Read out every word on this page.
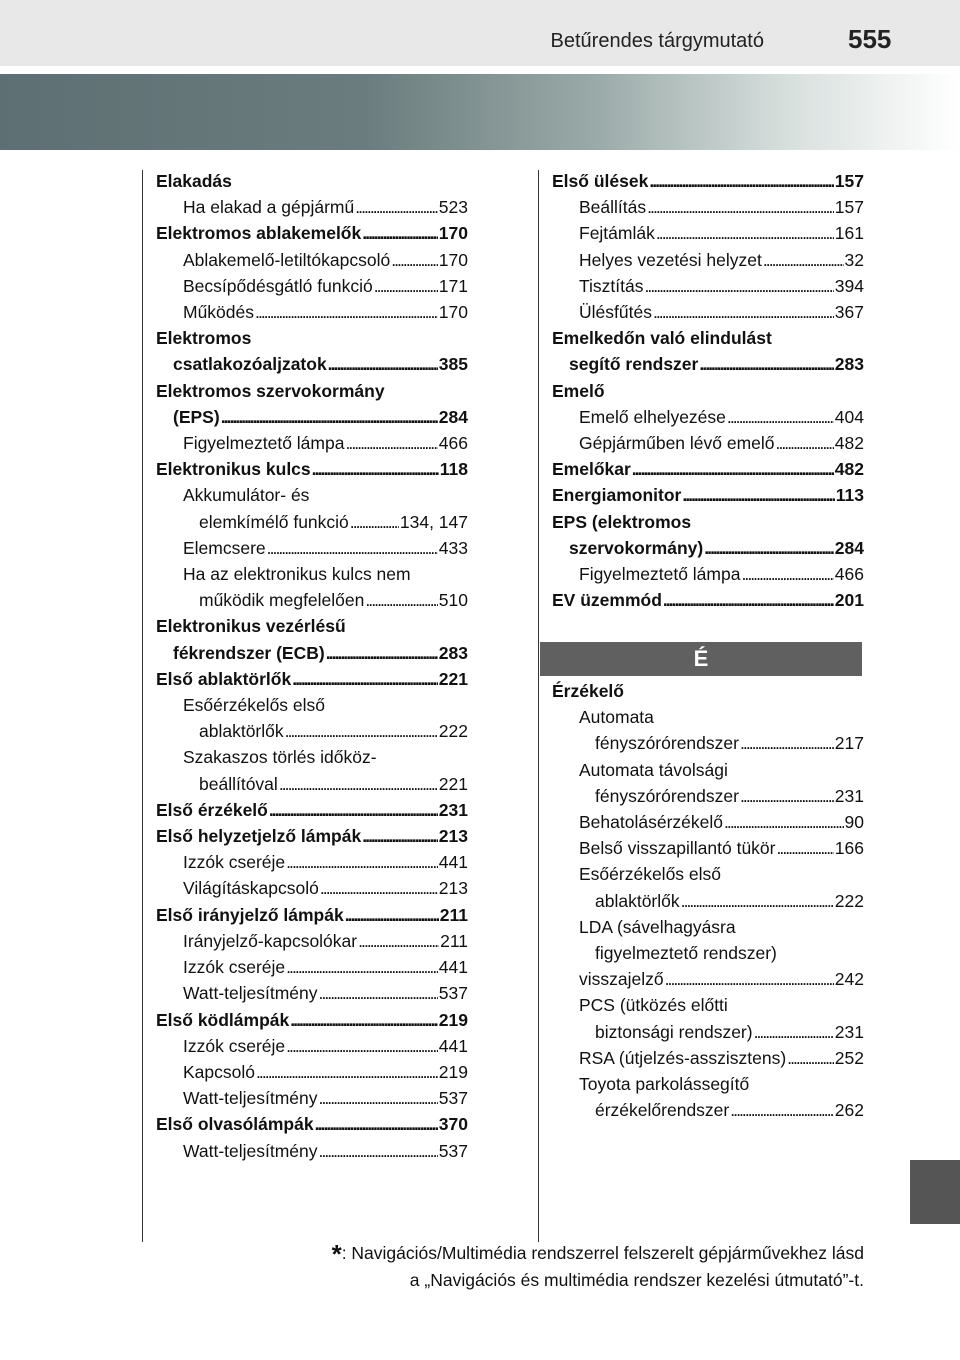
Betűrendes tárgymutató	555
Elakadás
Ha elakad a gépjármű . . .	523
Elektromos ablakemelők . . .	170
Ablakemelő-letiltókapcsoló . . .	170
Becsípődésgátló funkció . . .	171
Működés . . .	170
Elektromos
csatlakozóaljzatok . . .	385
Elektromos szervokormány
(EPS) . . .	284
Figyelmeztető lámpa . . .	466
Elektronikus kulcs . . .	118
Akkumulátor- és
elemkímélő funkció . . .	134, 147
Elemcsere . . .	433
Ha az elektronikus kulcs nem
működik megfelelően . . .	510
Elektronikus vezérlésű
fékrendszer (ECB) . . .	283
Első ablaktörlők . . .	221
Esőérzékelős első
ablaktörlők . . .	222
Szakaszos törlés időköz-
beállítóval . . .	221
Első érzékelő . . .	231
Első helyzetjelző lámpák . . .	213
Izzók cseréje . . .	441
Világításkapcsoló . . .	213
Első irányjelző lámpák . . .	211
Irányjelző-kapcsolókar . . .	211
Izzók cseréje . . .	441
Watt-teljesítmény . . .	537
Első ködlámpák . . .	219
Izzók cseréje . . .	441
Kapcsoló . . .	219
Watt-teljesítmény . . .	537
Első olvasólámpák . . .	370
Watt-teljesítmény . . .	537
Első ülések . . .	157
Beállítás . . .	157
Fejtámlák . . .	161
Helyes vezetési helyzet . . .	32
Tisztítás . . .	394
Ülésfűtés . . .	367
Emelkedőn való elindulást
segítő rendszer . . .	283
Emelő
Emelő elhelyezése . . .	404
Gépjárműben lévő emelő . . .	482
Emelőkar . . .	482
Energiamonitor . . .	113
EPS (elektromos
szervokormány) . . .	284
Figyelmeztető lámpa . . .	466
EV üzemmód . . .	201
É
Érzékelő
Automata
fényszórórendszer . . .	217
Automata távolsági
fényszórórendszer . . .	231
Behatolásérzékelő . . .	90
Belső visszapillantó tükör . . .	166
Esőérzékelős első
ablaktörlők . . .	222
LDA (sávelhagyásra
figyelmeztető rendszer)
visszajelző . . .	242
PCS (ütközés előtti
biztonsági rendszer) . . .	231
RSA (útjelzés-asszisztens) . . .	252
Toyota parkolássegítő
érzékelőrendszer . . .	262
*: Navigációs/Multimédia rendszerrel felszerelt gépjárművekhez lásd
a „Navigációs és multimédia rendszer kezelési útmutató”-t.
